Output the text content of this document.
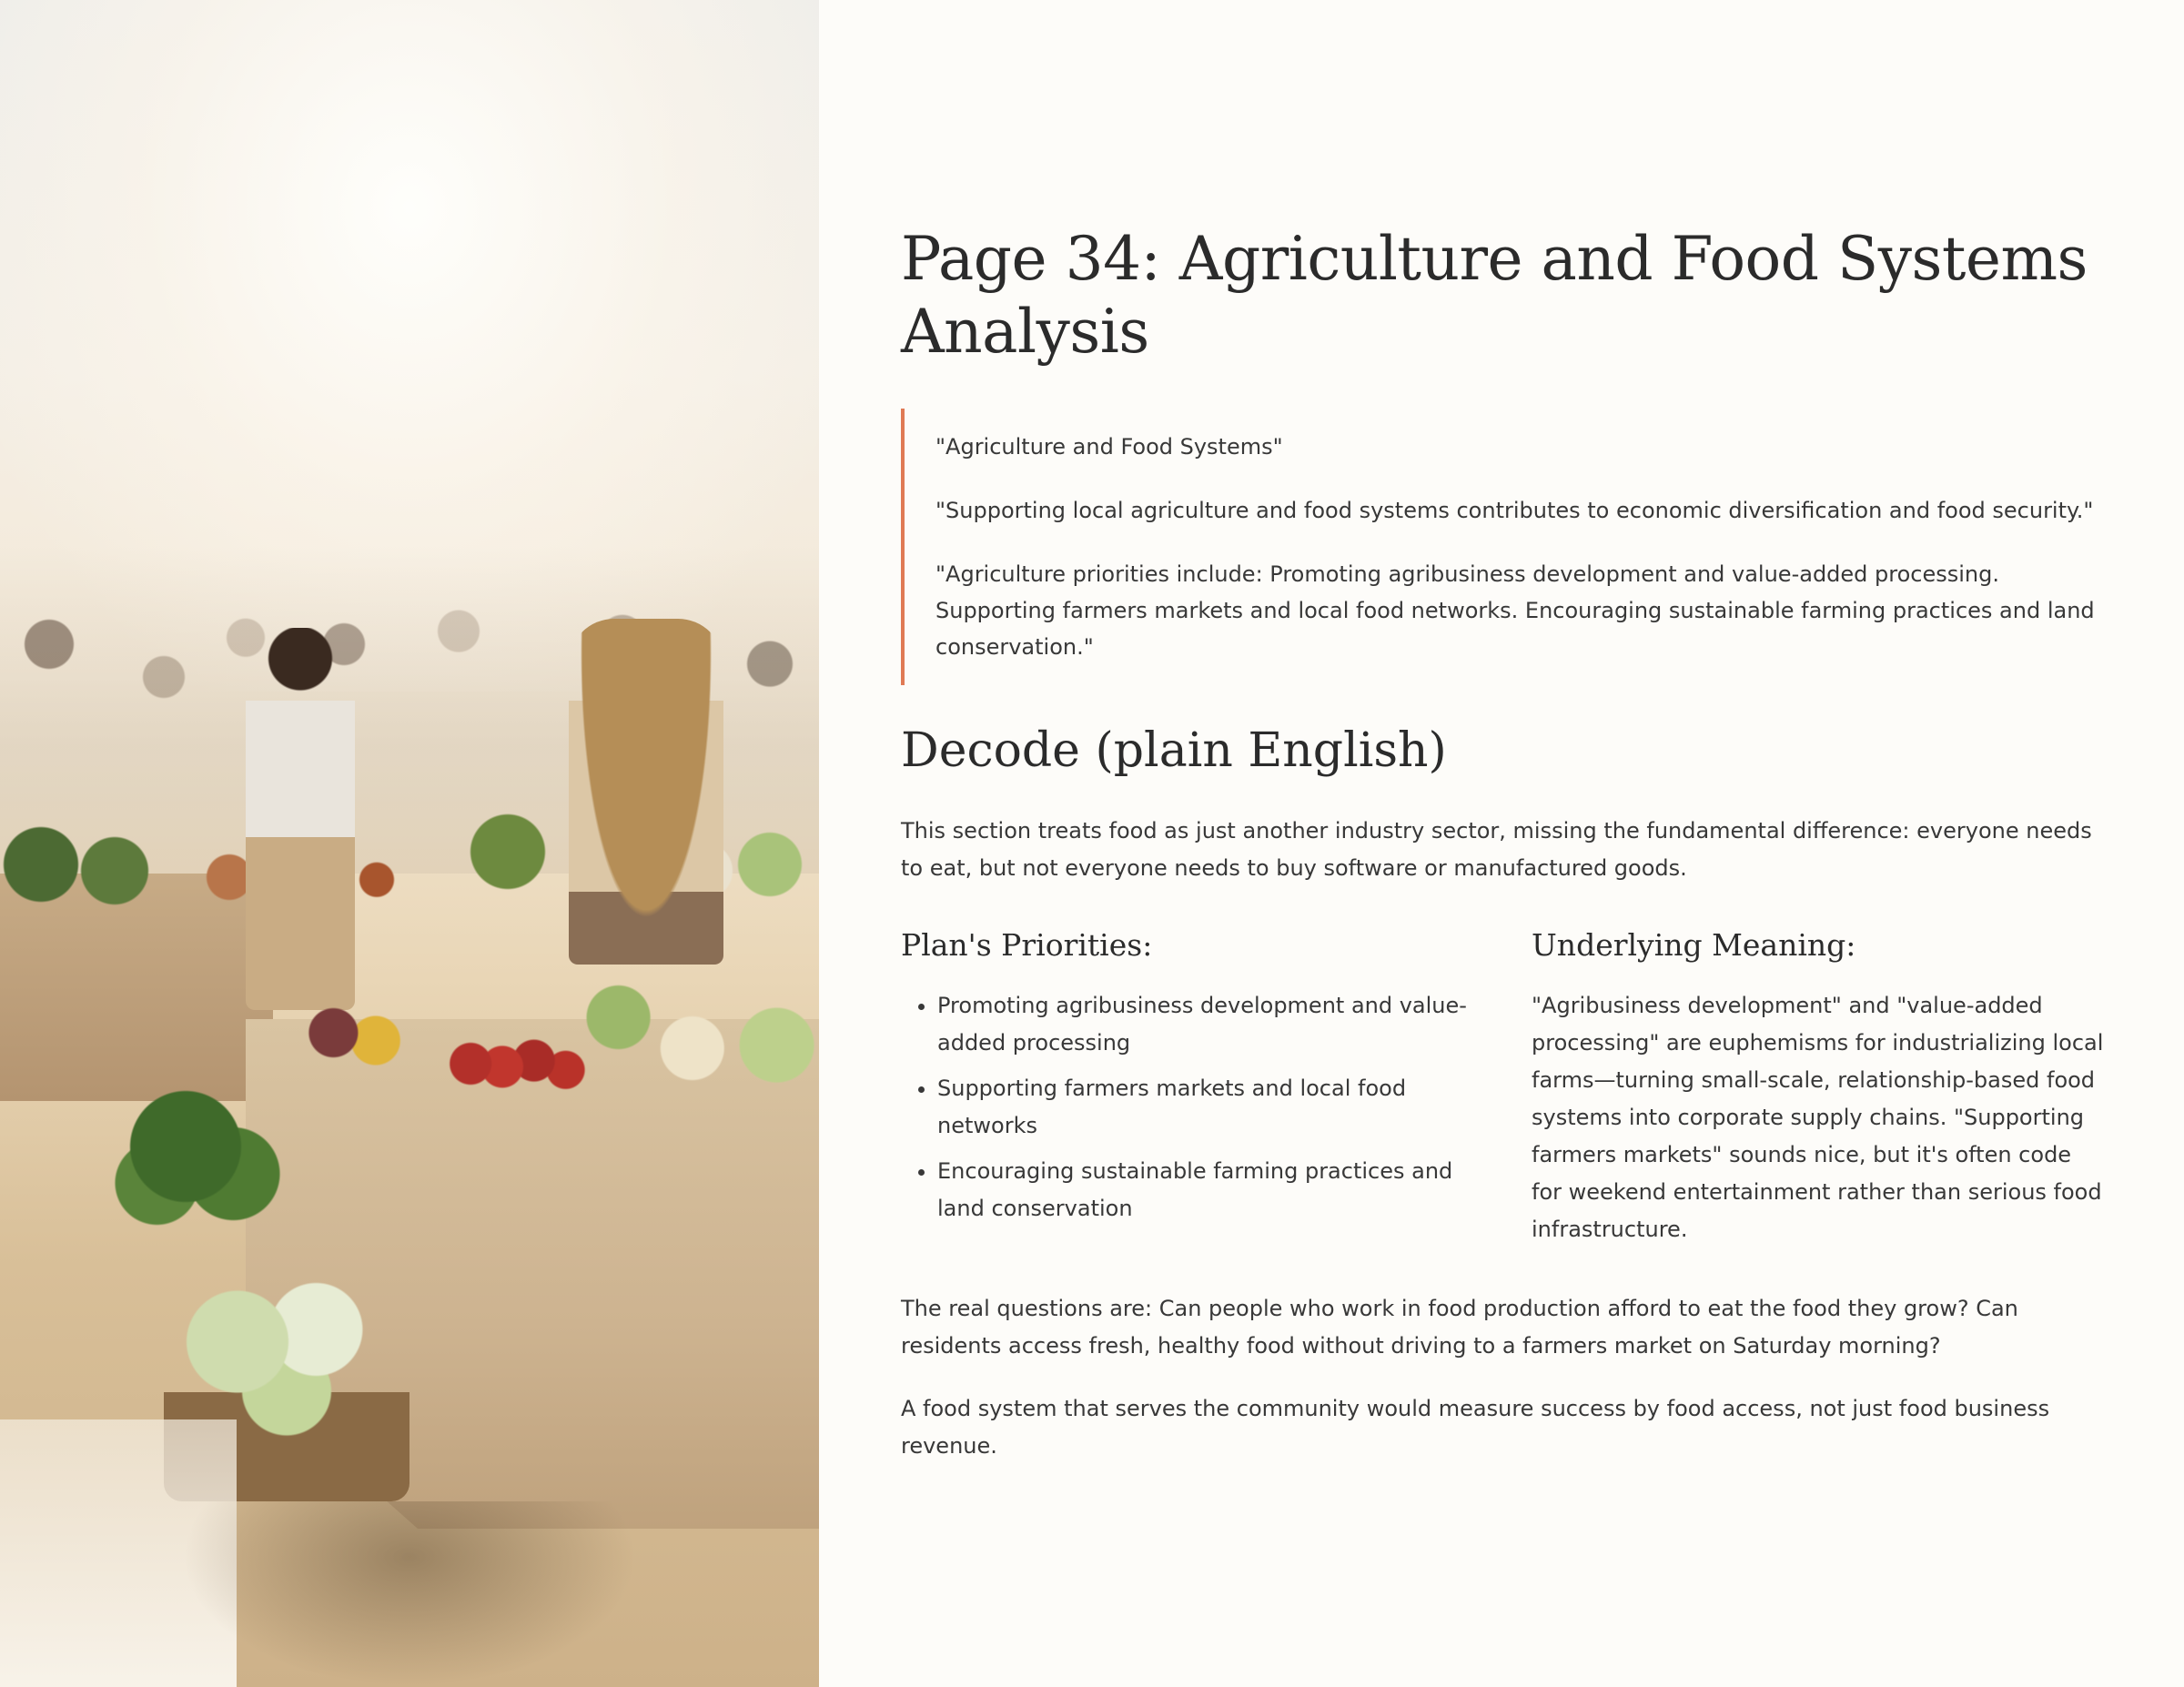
Page 34: Agriculture and Food Systems Analysis

"Agriculture and Food Systems"

"Supporting local agriculture and food systems contributes to economic diversification and food security."

"Agriculture priorities include: Promoting agribusiness development and value-added processing. Supporting farmers markets and local food networks. Encouraging sustainable farming practices and land conservation."

Decode (plain English)

This section treats food as just another industry sector, missing the fundamental difference: everyone needs to eat, but not everyone needs to buy software or manufactured goods.

Plan's Priorities:
• Promoting agribusiness development and value-added processing
• Supporting farmers markets and local food networks
• Encouraging sustainable farming practices and land conservation
Underlying Meaning:

"Agribusiness development" and "value-added processing" are euphemisms for industrializing local farms—turning small-scale, relationship-based food systems into corporate supply chains. "Supporting farmers markets" sounds nice, but it's often code for weekend entertainment rather than serious food infrastructure.

The real questions are: Can people who work in food production afford to eat the food they grow? Can residents access fresh, healthy food without driving to a farmers market on Saturday morning?

A food system that serves the community would measure success by food access, not just food business revenue.
